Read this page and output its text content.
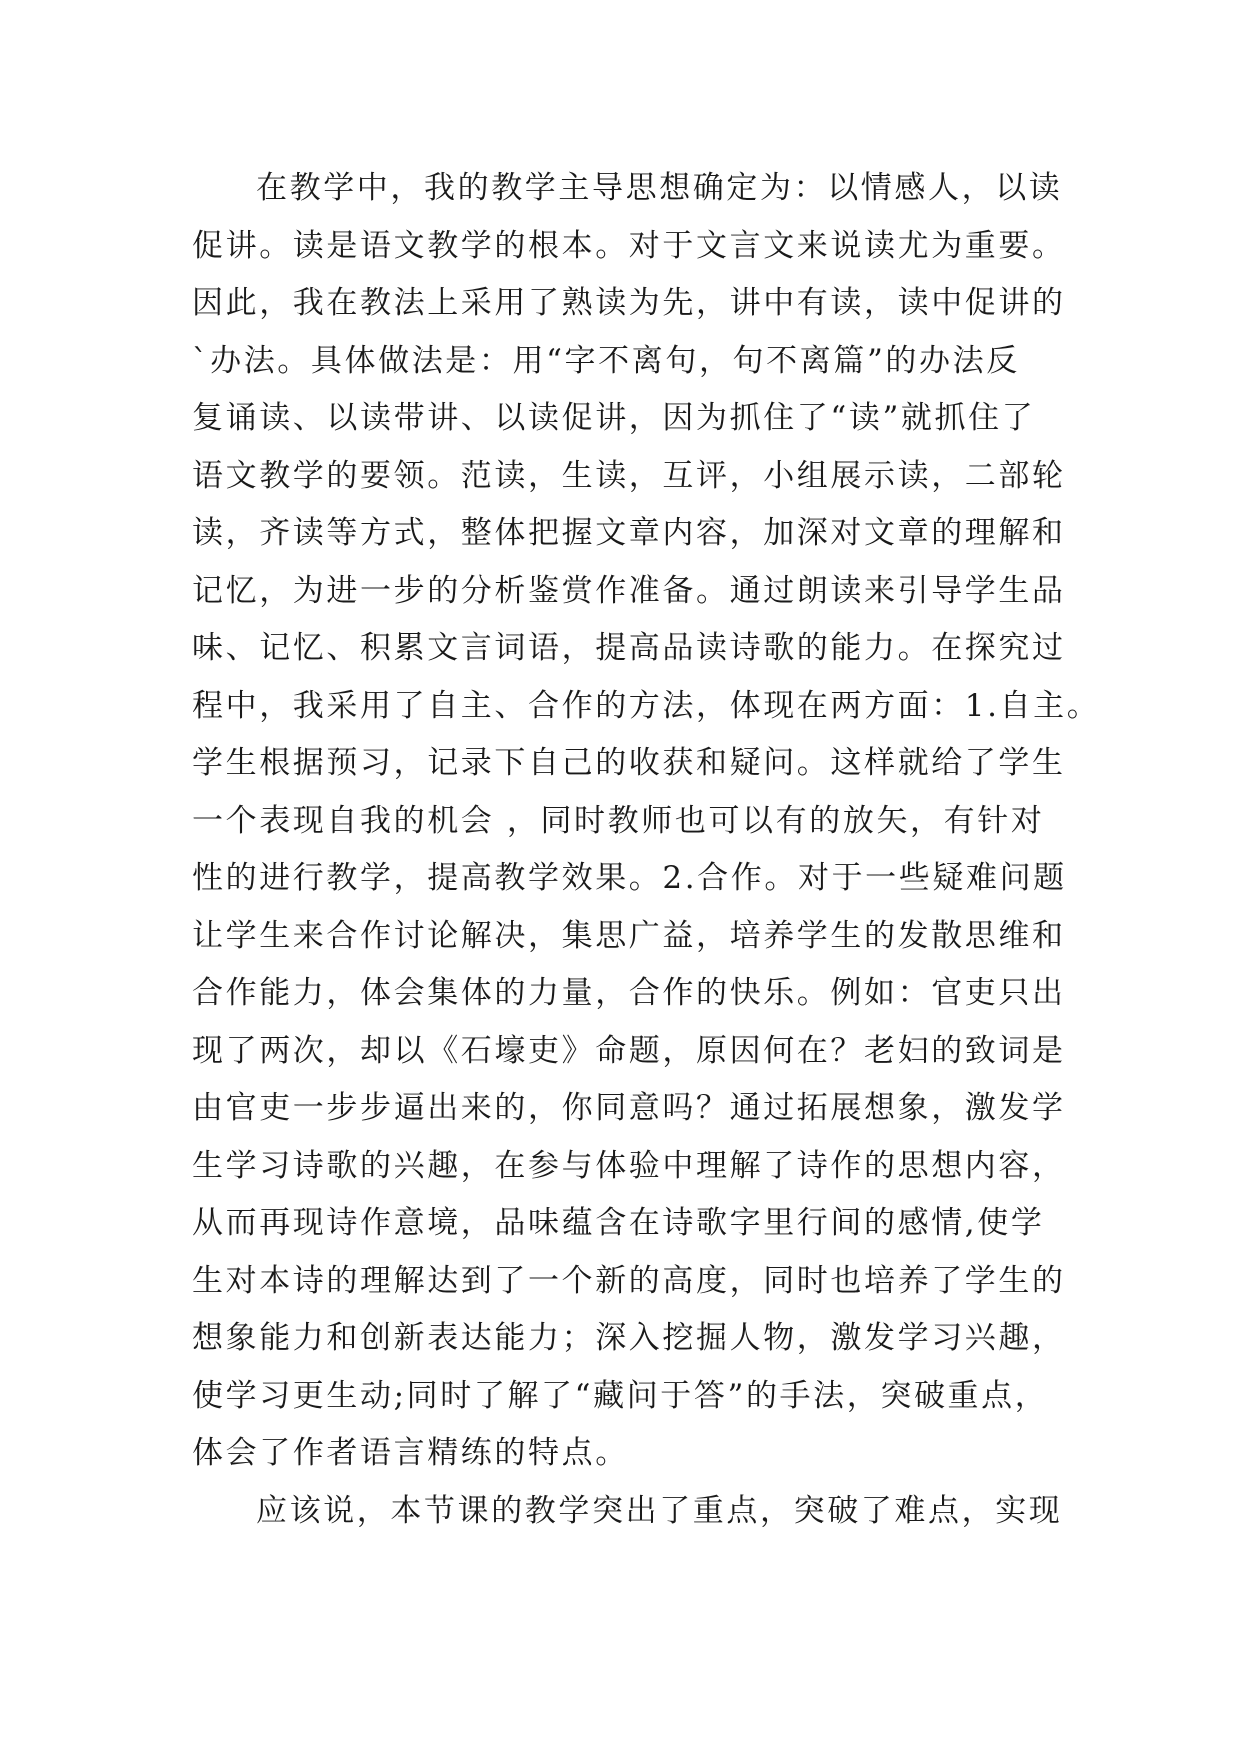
在教学中，我的教学主导思想确定为：以情感人，以读
促讲。读是语文教学的根本。对于文言文来说读尤为重要。
因此，我在教法上采用了熟读为先，讲中有读，读中促讲的
`办法。具体做法是：用“字不离句，句不离篇”的办法反
复诵读、以读带讲、以读促讲，因为抓住了“读”就抓住了
语文教学的要领。范读，生读，互评，小组展示读，二部轮
读，齐读等方式，整体把握文章内容，加深对文章的理解和
记忆，为进一步的分析鉴赏作准备。通过朗读来引导学生品
味、记忆、积累文言词语，提高品读诗歌的能力。在探究过
程中，我采用了自主、合作的方法，体现在两方面：1.自主。
学生根据预习，记录下自己的收获和疑问。这样就给了学生
一个表现自我的机会 ，同时教师也可以有的放矢，有针对
性的进行教学，提高教学效果。2.合作。对于一些疑难问题
让学生来合作讨论解决，集思广益，培养学生的发散思维和
合作能力，体会集体的力量，合作的快乐。例如：官吏只出
现了两次，却以《石壕吏》命题，原因何在？老妇的致词是
由官吏一步步逼出来的，你同意吗？通过拓展想象，激发学
生学习诗歌的兴趣，在参与体验中理解了诗作的思想内容，
从而再现诗作意境，品味蕴含在诗歌字里行间的感情,使学
生对本诗的理解达到了一个新的高度，同时也培养了学生的
想象能力和创新表达能力；深入挖掘人物，激发学习兴趣，
使学习更生动;同时了解了“藏问于答”的手法，突破重点，
体会了作者语言精练的特点。
应该说，本节课的教学突出了重点，突破了难点，实现
